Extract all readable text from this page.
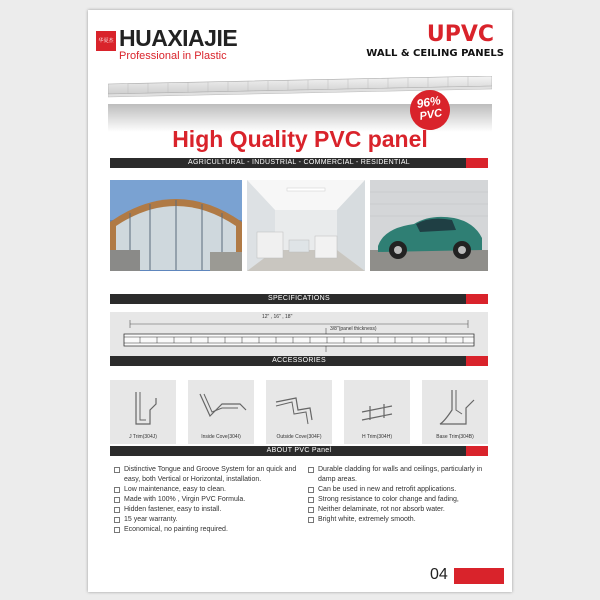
华夏杰 HUAXIAJIE
Professional in Plastic
UPVC
WALL & CEILING PANELS
96%
PVC
High Quality PVC panel
AGRICULTURAL - INDUSTRIAL - COMMERCIAL - RESIDENTIAL
SPECIFICATIONS
12" , 16" , 18"
3/8"(panel thickness)
ACCESSORIES
J Trim(304J)	Inside Cove(304I)	Outside Cove(304F)	H Trim(304H)	Base Trim(304B)
ABOUT PVC Panel
Distinctive Tongue and Groove System for an quick and
easy, both Vertical or Horizontal, installation.
Low maintenance, easy to clean.
Made with 100% , Virgin PVC Formula.
Hidden fastener, easy to install.
15 year warranty.
Economical, no painting required.
Durable cladding for walls and ceilings, particularly in
damp areas.
Can be used in new and retrofit applications.
Strong resistance to color change and fading,
Neither delaminate, rot nor absorb water.
Bright white, extremely smooth.
04
